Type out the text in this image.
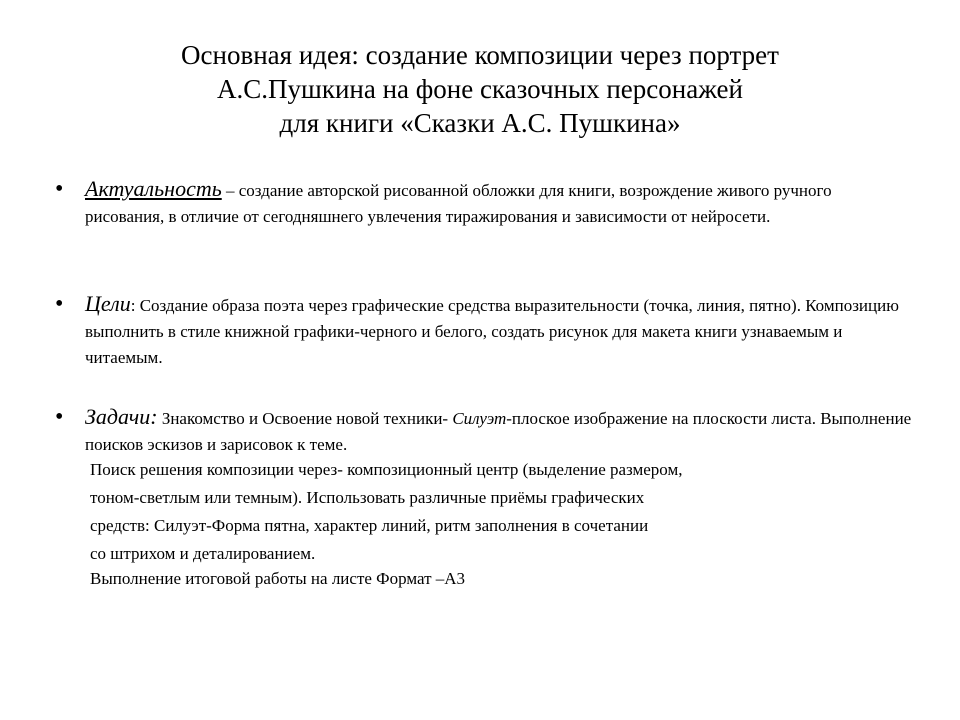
Основная идея: создание композиции через портрет
А.С.Пушкина на фоне сказочных персонажей
для книги «Сказки А.С. Пушкина»
• Актуальность – создание авторской рисованной обложки для книги, возрождение живого ручного рисования, в отличие от сегодняшнего увлечения тиражирования и зависимости от нейросети.
• Цели: Создание образа поэта через графические средства выразительности (точка, линия, пятно). Композицию выполнить в стиле книжной графики-черного и белого, создать рисунок для макета книги узнаваемым и читаемым.
• Задачи: Знакомство и Освоение новой техники- Силуэт-плоское изображение на плоскости листа. Выполнение поисков эскизов и зарисовок к теме.
Поиск решения композиции через- композиционный центр (выделение размером,
тоном-светлым или темным). Использовать различные приёмы графических
средств: Силуэт-Форма пятна, характер линий, ритм заполнения в сочетании
со штрихом и деталированием.
Выполнение итоговой работы на листе Формат –А3
